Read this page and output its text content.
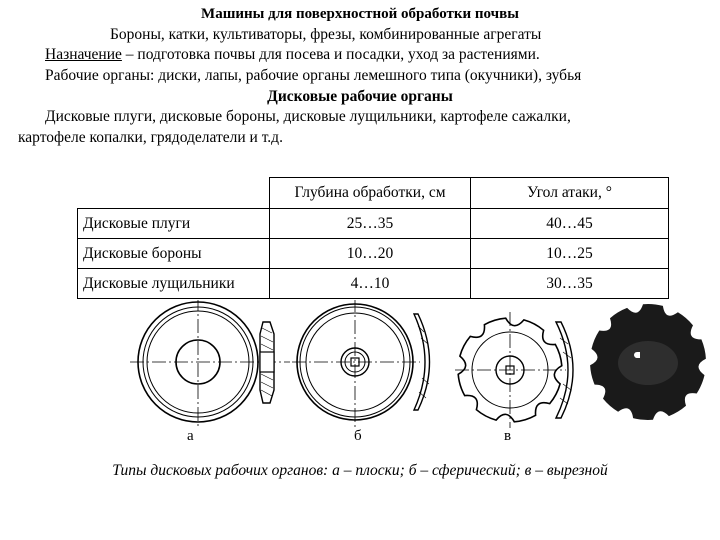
Машины для поверхностной обработки почвы
Бороны, катки, культиваторы, фрезы, комбинированные агрегаты
Назначение – подготовка почвы для посева и посадки, уход за растениями.
Рабочие органы: диски, лапы, рабочие органы лемешного типа (окучники), зубья
Дисковые рабочие органы
Дисковые плуги, дисковые бороны, дисковые лущильники, картофеле сажалки,
картофеле копалки, грядоделатели и т.д.
	Глубина обработки, см	Угол атаки, °
Дисковые плуги	25…35	40…45
Дисковые бороны	10…20	10…25
Дисковые лущильники	4…10	30…35
а	б	в
Типы дисковых рабочих органов: а – плоски; б – сферический; в – вырезной
